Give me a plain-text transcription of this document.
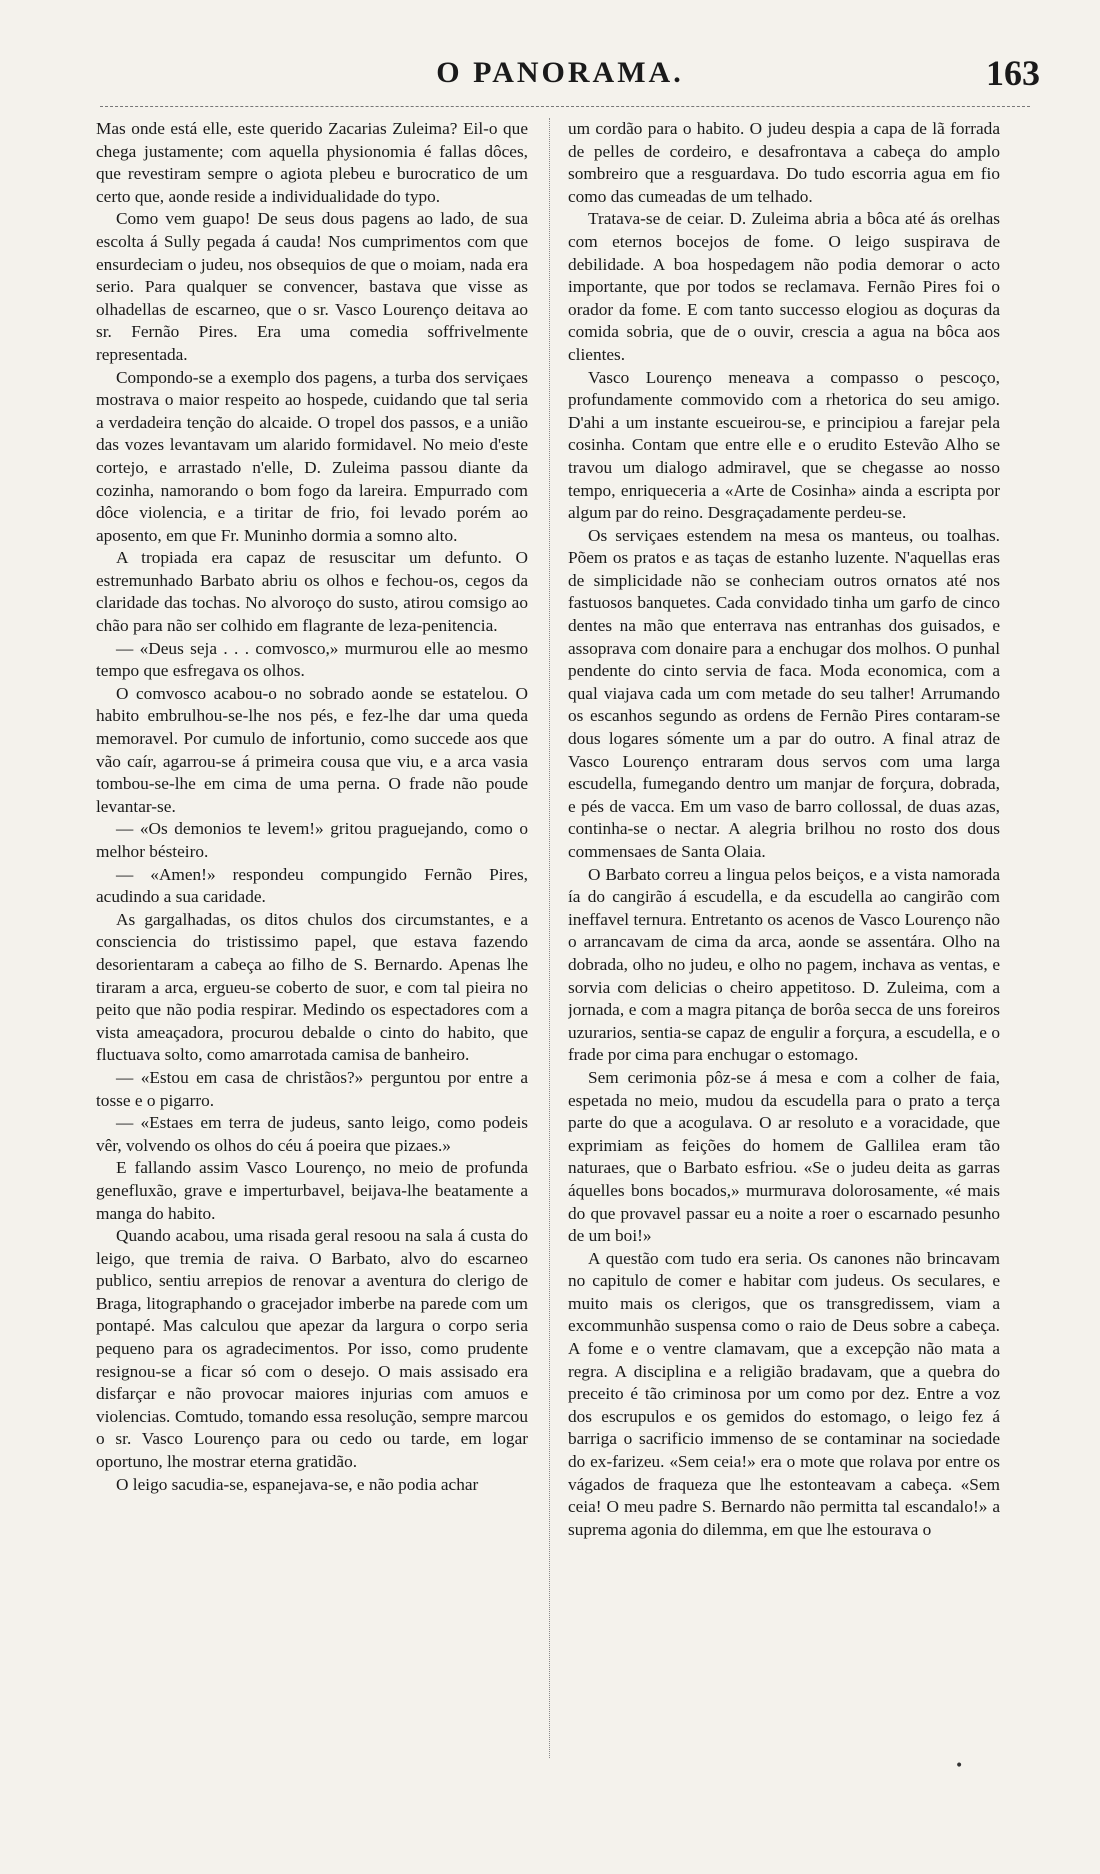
O PANORAMA.	163

Mas onde está elle, este querido Zacarias Zuleima? Eil-o que chega justamente; com aquella physionomia é fallas dôces, que revestiram sempre o agiota plebeu e burocratico de um certo que, aonde reside a individualidade do typo.

Como vem guapo! De seus dous pagens ao lado, de sua escolta á Sully pegada á cauda! Nos cumprimentos com que ensurdeciam o judeu, nos obsequios de que o moiam, nada era serio. Para qualquer se convencer, bastava que visse as olhadellas de escarneo, que o sr. Vasco Lourenço deitava ao sr. Fernão Pires. Era uma comedia soffrivelmente representada.

Compondo-se a exemplo dos pagens, a turba dos serviçaes mostrava o maior respeito ao hospede, cuidando que tal seria a verdadeira tenção do alcaide. O tropel dos passos, e a união das vozes levantavam um alarido formidavel. No meio d'este cortejo, e arrastado n'elle, D. Zuleima passou diante da cozinha, namorando o bom fogo da lareira. Empurrado com dôce violencia, e a tiritar de frio, foi levado porém ao aposento, em que Fr. Muninho dormia a somno alto.

A tropiada era capaz de resuscitar um defunto. O estremunhado Barbato abriu os olhos e fechou-os, cegos da claridade das tochas. No alvoroço do susto, atirou comsigo ao chão para não ser colhido em flagrante de leza-penitencia.

— «Deus seja . . . comvosco,» murmurou elle ao mesmo tempo que esfregava os olhos.

O comvosco acabou-o no sobrado aonde se estatelou. O habito embrulhou-se-lhe nos pés, e fez-lhe dar uma queda memoravel. Por cumulo de infortunio, como succede aos que vão caír, agarrou-se á primeira cousa que viu, e a arca vasia tombou-se-lhe em cima de uma perna. O frade não poude levantar-se.

— «Os demonios te levem!» gritou praguejando, como o melhor bésteiro.

— «Amen!» respondeu compungido Fernão Pires, acudindo a sua caridade.

As gargalhadas, os ditos chulos dos circumstantes, e a consciencia do tristissimo papel, que estava fazendo desorientaram a cabeça ao filho de S. Bernardo. Apenas lhe tiraram a arca, ergueu-se coberto de suor, e com tal pieira no peito que não podia respirar. Medindo os espectadores com a vista ameaçadora, procurou debalde o cinto do habito, que fluctuava solto, como amarrotada camisa de banheiro.

— «Estou em casa de christãos?» perguntou por entre a tosse e o pigarro.

— «Estaes em terra de judeus, santo leigo, como podeis vêr, volvendo os olhos do céu á poeira que pizaes.»

E fallando assim Vasco Lourenço, no meio de profunda genefluxão, grave e imperturbavel, beijava-lhe beatamente a manga do habito.

Quando acabou, uma risada geral resoou na sala á custa do leigo, que tremia de raiva. O Barbato, alvo do escarneo publico, sentiu arrepios de renovar a aventura do clerigo de Braga, litographando o gracejador imberbe na parede com um pontapé. Mas calculou que apezar da largura o corpo seria pequeno para os agradecimentos. Por isso, como prudente resignou-se a ficar só com o desejo. O mais assisado era disfarçar e não provocar maiores injurias com amuos e violencias. Comtudo, tomando essa resolução, sempre marcou o sr. Vasco Lourenço para ou cedo ou tarde, em logar oportuno, lhe mostrar eterna gratidão.

O leigo sacudia-se, espanejava-se, e não podia achar

um cordão para o habito. O judeu despia a capa de lã forrada de pelles de cordeiro, e desafrontava a cabeça do amplo sombreiro que a resguardava. Do tudo escorria agua em fio como das cumeadas de um telhado.

Tratava-se de ceiar. D. Zuleima abria a bôca até ás orelhas com eternos bocejos de fome. O leigo suspirava de debilidade. A boa hospedagem não podia demorar o acto importante, que por todos se reclamava. Fernão Pires foi o orador da fome. E com tanto successo elogiou as doçuras da comida sobria, que de o ouvir, crescia a agua na bôca aos clientes.

Vasco Lourenço meneava a compasso o pescoço, profundamente commovido com a rhetorica do seu amigo. D'ahi a um instante escueirou-se, e principiou a farejar pela cosinha. Contam que entre elle e o erudito Estevão Alho se travou um dialogo admiravel, que se chegasse ao nosso tempo, enriqueceria a «Arte de Cosinha» ainda a escripta por algum par do reino. Desgraçadamente perdeu-se.

Os serviçaes estendem na mesa os manteus, ou toalhas. Põem os pratos e as taças de estanho luzente. N'aquellas eras de simplicidade não se conheciam outros ornatos até nos fastuosos banquetes. Cada convidado tinha um garfo de cinco dentes na mão que enterrava nas entranhas dos guisados, e assoprava com donaire para a enchugar dos molhos. O punhal pendente do cinto servia de faca. Moda economica, com a qual viajava cada um com metade do seu talher! Arrumando os escanhos segundo as ordens de Fernão Pires contaram-se dous logares sómente um a par do outro. A final atraz de Vasco Lourenço entraram dous servos com uma larga escudella, fumegando dentro um manjar de forçura, dobrada, e pés de vacca. Em um vaso de barro collossal, de duas azas, continha-se o nectar. A alegria brilhou no rosto dos dous commensaes de Santa Olaia.

O Barbato correu a lingua pelos beiços, e a vista namorada ía do cangirão á escudella, e da escudella ao cangirão com ineffavel ternura. Entretanto os acenos de Vasco Lourenço não o arrancavam de cima da arca, aonde se assentára. Olho na dobrada, olho no judeu, e olho no pagem, inchava as ventas, e sorvia com delicias o cheiro appetitoso. D. Zuleima, com a jornada, e com a magra pitança de borôa secca de uns foreiros uzurarios, sentia-se capaz de engulir a forçura, a escudella, e o frade por cima para enchugar o estomago.

Sem cerimonia pôz-se á mesa e com a colher de faia, espetada no meio, mudou da escudella para o prato a terça parte do que a acogulava. O ar resoluto e a voracidade, que exprimiam as feições do homem de Gallilea eram tão naturaes, que o Barbato esfriou. «Se o judeu deita as garras áquelles bons bocados,» murmurava dolorosamente, «é mais do que provavel passar eu a noite a roer o escarnado pesunho de um boi!»

A questão com tudo era seria. Os canones não brincavam no capitulo de comer e habitar com judeus. Os seculares, e muito mais os clerigos, que os transgredissem, viam a excommunhão suspensa como o raio de Deus sobre a cabeça. A fome e o ventre clamavam, que a excepção não mata a regra. A disciplina e a religião bradavam, que a quebra do preceito é tão criminosa por um como por dez. Entre a voz dos escrupulos e os gemidos do estomago, o leigo fez á barriga o sacrificio immenso de se contaminar na sociedade do ex-farizeu. «Sem ceia!» era o mote que rolava por entre os vágados de fraqueza que lhe estonteavam a cabeça. «Sem ceia! O meu padre S. Bernardo não permitta tal escandalo!» a suprema agonia do dilemma, em que lhe estourava o

•
